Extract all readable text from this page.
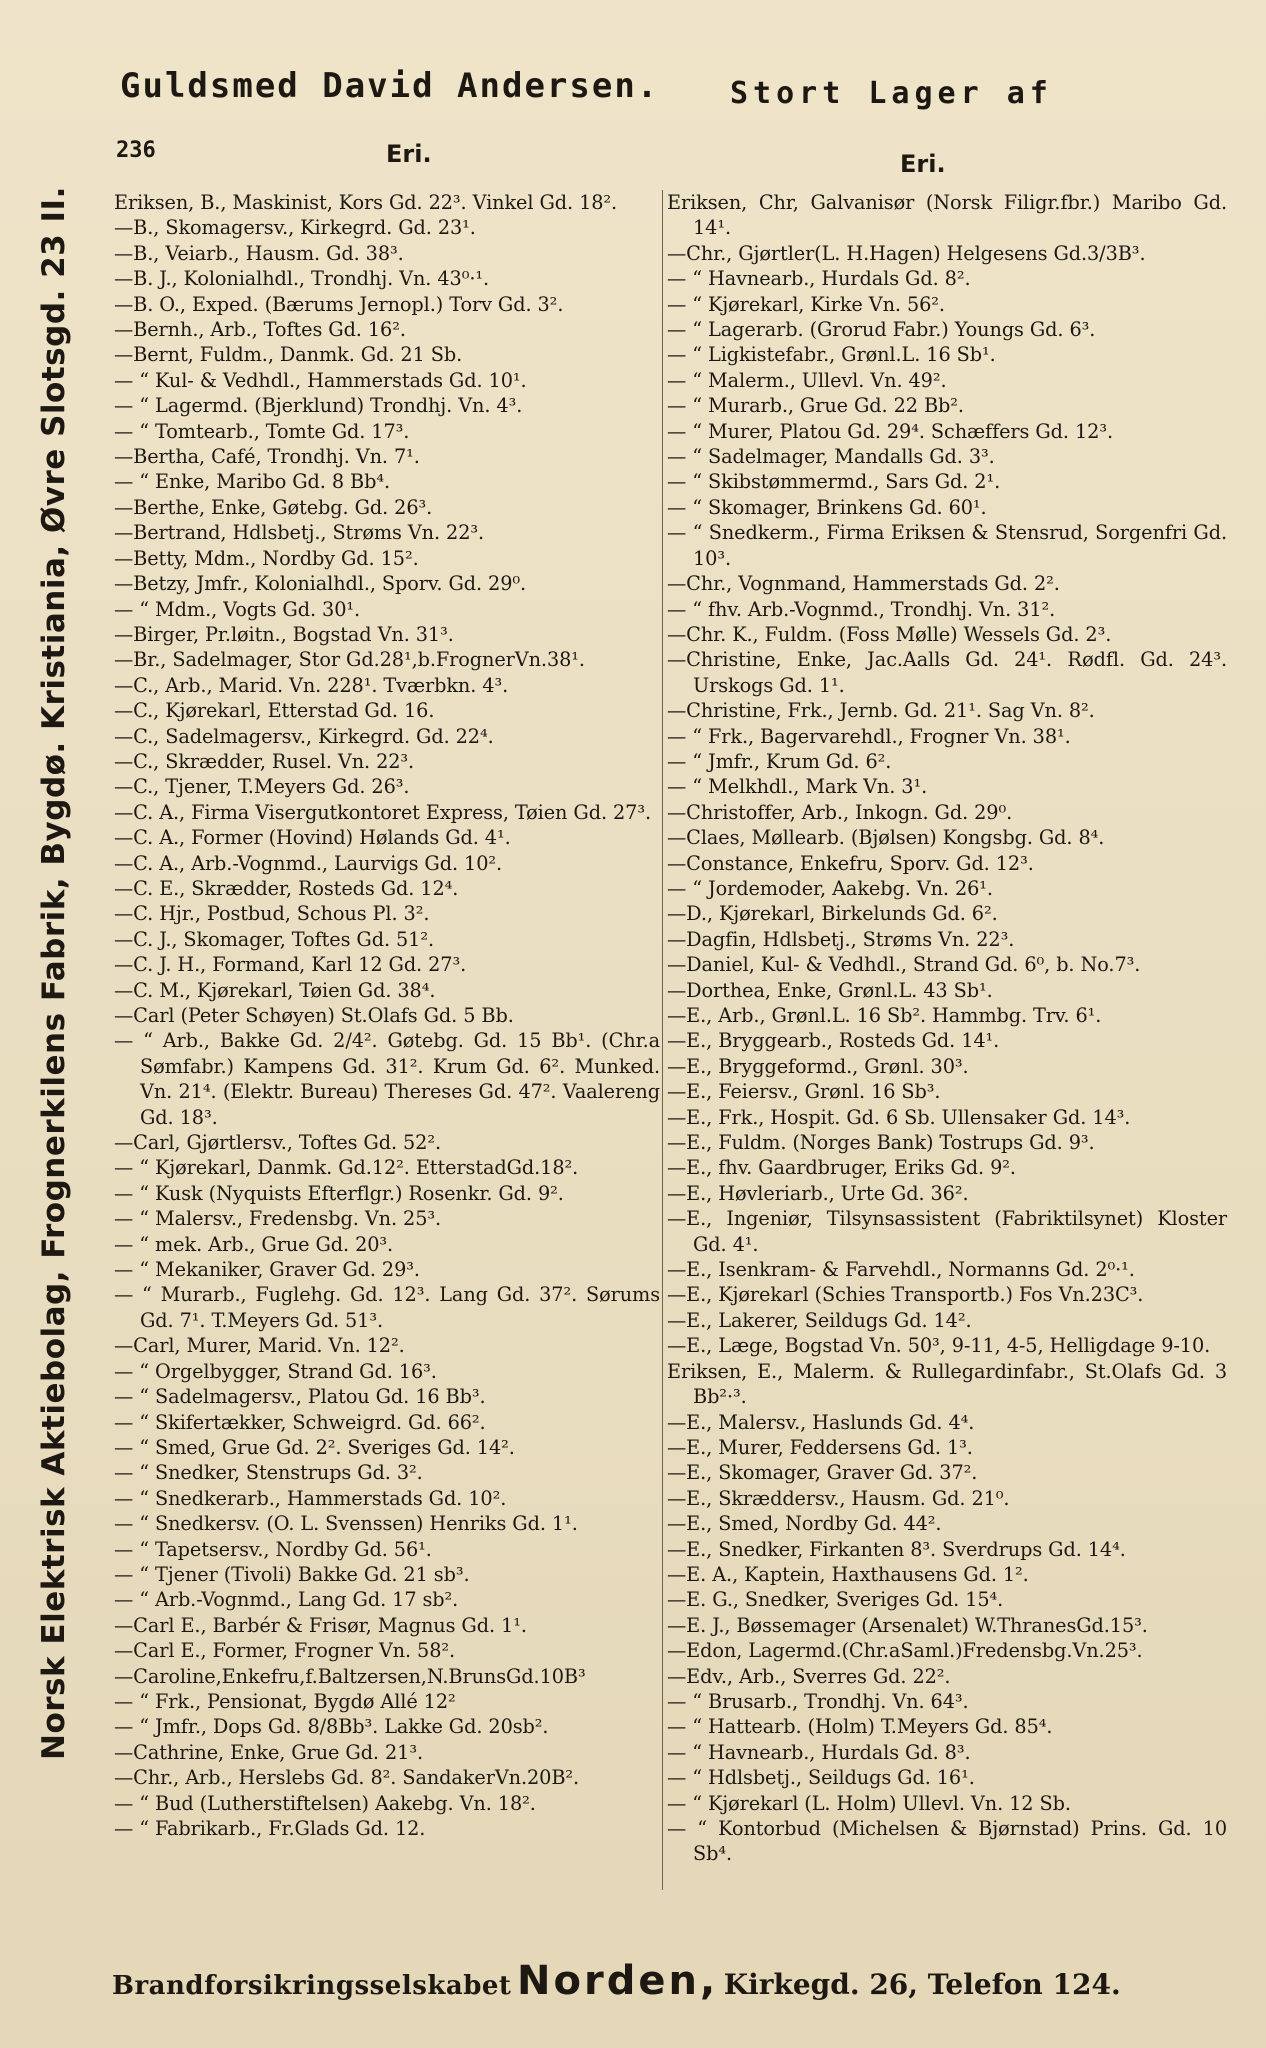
Guldsmed David Andersen. Stort Lager af
236	Eri.	Eri.
Norsk Elektrisk Aktiebolag, Frognerkilens Fabrik, Bygdø. Kristiania, Øvre Slotsgd. 23 II. Eriksen, B., Maskinist, Kors Gd. 22³. Vinkel Gd. 18².
—B., Skomagersv., Kirkegrd. Gd. 23¹.
—B., Veiarb., Hausm. Gd. 38³.
—B. J., Kolonialhdl., Trondhj. Vn. 43⁰·¹.
—B. O., Exped. (Bærums Jernopl.) Torv Gd. 3².
—Bernh., Arb., Toftes Gd. 16².
—Bernt, Fuldm., Danmk. Gd. 21 Sb.
— “ Kul- & Vedhdl., Hammerstads Gd. 10¹.
— “ Lagermd. (Bjerklund) Trondhj. Vn. 4³.
— “ Tomtearb., Tomte Gd. 17³.
—Bertha, Café, Trondhj. Vn. 7¹.
— “ Enke, Maribo Gd. 8 Bb⁴.
—Berthe, Enke, Gøtebg. Gd. 26³.
—Bertrand, Hdlsbetj., Strøms Vn. 22³.
—Betty, Mdm., Nordby Gd. 15².
—Betzy, Jmfr., Kolonialhdl., Sporv. Gd. 29⁰.
— “ Mdm., Vogts Gd. 30¹.
—Birger, Pr.løitn., Bogstad Vn. 31³.
—Br., Sadelmager, Stor Gd.28¹,b.FrognerVn.38¹.
—C., Arb., Marid. Vn. 228¹. Tværbkn. 4³.
—C., Kjørekarl, Etterstad Gd. 16.
—C., Sadelmagersv., Kirkegrd. Gd. 22⁴.
—C., Skrædder, Rusel. Vn. 22³.
—C., Tjener, T.Meyers Gd. 26³.
—C. A., Firma Visergutkontoret Express, Tøien Gd. 27³.
—C. A., Former (Hovind) Hølands Gd. 4¹.
—C. A., Arb.-Vognmd., Laurvigs Gd. 10².
—C. E., Skrædder, Rosteds Gd. 12⁴.
—C. Hjr., Postbud, Schous Pl. 3².
—C. J., Skomager, Toftes Gd. 51².
—C. J. H., Formand, Karl 12 Gd. 27³.
—C. M., Kjørekarl, Tøien Gd. 38⁴.
—Carl (Peter Schøyen) St.Olafs Gd. 5 Bb.
— “ Arb., Bakke Gd. 2/4². Gøtebg. Gd. 15 Bb¹. (Chr.a Sømfabr.) Kampens Gd. 31². Krum Gd. 6². Munked. Vn. 21⁴. (Elektr. Bureau) Thereses Gd. 47². Vaalereng Gd. 18³.
—Carl, Gjørtlersv., Toftes Gd. 52².
— “ Kjørekarl, Danmk. Gd.12². EtterstadGd.18².
— “ Kusk (Nyquists Efterflgr.) Rosenkr. Gd. 9².
— “ Malersv., Fredensbg. Vn. 25³.
— “ mek. Arb., Grue Gd. 20³.
— “ Mekaniker, Graver Gd. 29³.
— “ Murarb., Fuglehg. Gd. 12³. Lang Gd. 37². Sørums Gd. 7¹. T.Meyers Gd. 51³.
—Carl, Murer, Marid. Vn. 12².
— “ Orgelbygger, Strand Gd. 16³.
— “ Sadelmagersv., Platou Gd. 16 Bb³.
— “ Skifertækker, Schweigrd. Gd. 66².
— “ Smed, Grue Gd. 2². Sveriges Gd. 14².
— “ Snedker, Stenstrups Gd. 3².
— “ Snedkerarb., Hammerstads Gd. 10².
— “ Snedkersv. (O. L. Svenssen) Henriks Gd. 1¹.
— “ Tapetsersv., Nordby Gd. 56¹.
— “ Tjener (Tivoli) Bakke Gd. 21 sb³.
— “ Arb.-Vognmd., Lang Gd. 17 sb².
—Carl E., Barbér & Frisør, Magnus Gd. 1¹.
—Carl E., Former, Frogner Vn. 58².
—Caroline,Enkefru,f.Baltzersen,N.BrunsGd.10B³
— “ Frk., Pensionat, Bygdø Allé 12²
— “ Jmfr., Dops Gd. 8/8Bb³. Lakke Gd. 20sb².
—Cathrine, Enke, Grue Gd. 21³.
—Chr., Arb., Herslebs Gd. 8². SandakerVn.20B².
— “ Bud (Lutherstiftelsen) Aakebg. Vn. 18².
— “ Fabrikarb., Fr.Glads Gd. 12.
Eriksen, Chr, Galvanisør (Norsk Filigr.fbr.) Maribo Gd. 14¹.
—Chr., Gjørtler(L. H.Hagen) Helgesens Gd.3/3B³.
— “ Havnearb., Hurdals Gd. 8².
— “ Kjørekarl, Kirke Vn. 56².
— “ Lagerarb. (Grorud Fabr.) Youngs Gd. 6³.
— “ Ligkistefabr., Grønl.L. 16 Sb¹.
— “ Malerm., Ullevl. Vn. 49².
— “ Murarb., Grue Gd. 22 Bb².
— “ Murer, Platou Gd. 29⁴. Schæffers Gd. 12³.
— “ Sadelmager, Mandalls Gd. 3³.
— “ Skibstømmermd., Sars Gd. 2¹.
— “ Skomager, Brinkens Gd. 60¹.
— “ Snedkerm., Firma Eriksen & Stensrud, Sorgenfri Gd. 10³.
—Chr., Vognmand, Hammerstads Gd. 2².
— “ fhv. Arb.-Vognmd., Trondhj. Vn. 31².
—Chr. K., Fuldm. (Foss Mølle) Wessels Gd. 2³.
—Christine, Enke, Jac.Aalls Gd. 24¹. Rødfl. Gd. 24³. Urskogs Gd. 1¹.
—Christine, Frk., Jernb. Gd. 21¹. Sag Vn. 8².
— “ Frk., Bagervarehdl., Frogner Vn. 38¹.
— “ Jmfr., Krum Gd. 6².
— “ Melkhdl., Mark Vn. 3¹.
—Christoffer, Arb., Inkogn. Gd. 29⁰.
—Claes, Møllearb. (Bjølsen) Kongsbg. Gd. 8⁴.
—Constance, Enkefru, Sporv. Gd. 12³.
— “ Jordemoder, Aakebg. Vn. 26¹.
—D., Kjørekarl, Birkelunds Gd. 6².
—Dagfin, Hdlsbetj., Strøms Vn. 22³.
—Daniel, Kul- & Vedhdl., Strand Gd. 6⁰, b. No.7³.
—Dorthea, Enke, Grønl.L. 43 Sb¹.
—E., Arb., Grønl.L. 16 Sb². Hammbg. Trv. 6¹.
—E., Bryggearb., Rosteds Gd. 14¹.
—E., Bryggeformd., Grønl. 30³.
—E., Feiersv., Grønl. 16 Sb³.
—E., Frk., Hospit. Gd. 6 Sb. Ullensaker Gd. 14³.
—E., Fuldm. (Norges Bank) Tostrups Gd. 9³.
—E., fhv. Gaardbruger, Eriks Gd. 9².
—E., Høvleriarb., Urte Gd. 36².
—E., Ingeniør, Tilsynsassistent (Fabriktilsynet) Kloster Gd. 4¹.
—E., Isenkram- & Farvehdl., Normanns Gd. 2⁰·¹.
—E., Kjørekarl (Schies Transportb.) Fos Vn.23C³.
—E., Lakerer, Seildugs Gd. 14².
—E., Læge, Bogstad Vn. 50³, 9-11, 4-5, Helligdage 9-10.
Eriksen, E., Malerm. & Rullegardinfabr., St.Olafs Gd. 3 Bb²·³.
—E., Malersv., Haslunds Gd. 4⁴.
—E., Murer, Feddersens Gd. 1³.
—E., Skomager, Graver Gd. 37².
—E., Skræddersv., Hausm. Gd. 21⁰.
—E., Smed, Nordby Gd. 44².
—E., Snedker, Firkanten 8³. Sverdrups Gd. 14⁴.
—E. A., Kaptein, Haxthausens Gd. 1².
—E. G., Snedker, Sveriges Gd. 15⁴.
—E. J., Bøssemager (Arsenalet) W.ThranesGd.15³.
—Edon, Lagermd.(Chr.aSaml.)Fredensbg.Vn.25³.
—Edv., Arb., Sverres Gd. 22².
— “ Brusarb., Trondhj. Vn. 64³.
— “ Hattearb. (Holm) T.Meyers Gd. 85⁴.
— “ Havnearb., Hurdals Gd. 8³.
— “ Hdlsbetj., Seildugs Gd. 16¹.
— “ Kjørekarl (L. Holm) Ullevl. Vn. 12 Sb.
— “ Kontorbud (Michelsen & Bjørnstad) Prins. Gd. 10 Sb⁴.
Brandforsikringsselskabet Norden, Kirkegd. 26, Telefon 124.
